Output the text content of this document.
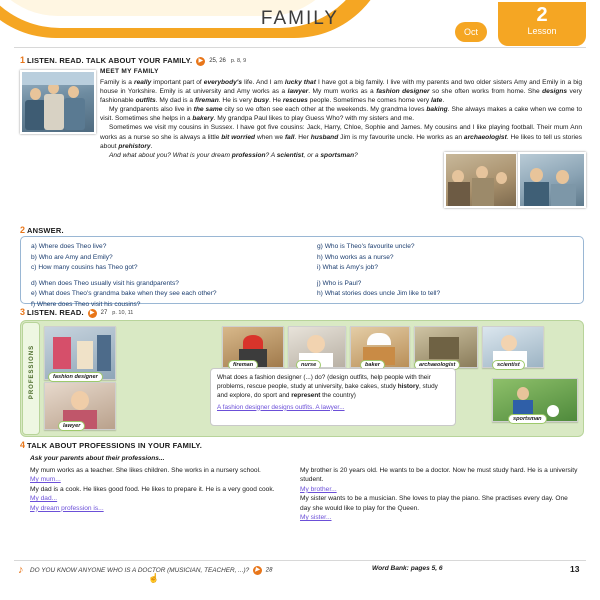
FAMILY
Oct
2
Lesson
1 LISTEN. READ. TALK ABOUT YOUR FAMILY. ▶ 25, 26 p. 8, 9
MEET MY FAMILY
Family is a really important part of everybody's life. And I am lucky that I have got a big family. I live with my parents and two older sisters Amy and Emily in a big house in Yorkshire. Emily is at university and Amy works as a lawyer. My mum works as a fashion designer so she often works from home. She designs very fashionable outfits. My dad is a fireman. He is very busy. He rescues people. Sometimes he comes home very late.
My grandparents also live in the same city so we often see each other at the weekends. My grandma loves baking. She always makes a cake when we come to visit. Sometimes she helps in a bakery. My grandpa Paul likes to play Guess Who? with my sisters and me.
Sometimes we visit my cousins in Sussex. I have got five cousins: Jack, Harry, Chloe, Sophie and James. My cousins and I like playing football. Their mum Ann works as a nurse so she is always a little bit worried when we fall. Her husband Jim is my favourite uncle. He works as an archaeologist. He likes to tell us stories about prehistory.
And what about you? What is your dream profession? A scientist, or a sportsman?
2 ANSWER.
a) Where does Theo live?
b) Who are Amy and Emily?
c) How many cousins has Theo got?
d) When does Theo usually visit his grandparents?
e) What does Theo's grandma bake when they see each other?
f) Where does Theo visit his cousins?
g) Who is Theo's favourite uncle?
h) Who works as a nurse?
i) What is Amy's job?
j) Who is Paul?
h) What stories does uncle Jim like to tell?
3 LISTEN. READ. ▶ 27 p. 10, 11
PROFESSIONS	fashion designer
fireman	nurse	baker	archaeologist	scientist
lawyer
sportsman
What does a fashion designer (...) do? (design outfits, help people with their problems, rescue people, study at university, bake cakes, study history, study and explore, do sport and represent the country)
A fashion designer designs outfits. A lawyer...
4 TALK ABOUT PROFESSIONS IN YOUR FAMILY.
Ask your parents about their professions...
My mum works as a teacher. She likes children. She works in a nursery school.
My mum...
My dad is a cook. He likes good food. He likes to prepare it. He is a very good cook.
My dad...
My dream profession is...
My brother is 20 years old. He wants to be a doctor. Now he must study hard. He is a university student.
My brother...
My sister wants to be a musician. She loves to play the piano. She practises every day. One day she would like to play for the Queen.
My sister...
♪	DO YOU KNOW ANYONE WHO IS A DOCTOR (MUSICIAN, TEACHER, ...)? ▶ 28
☝
Word Bank: pages 5, 6	13
